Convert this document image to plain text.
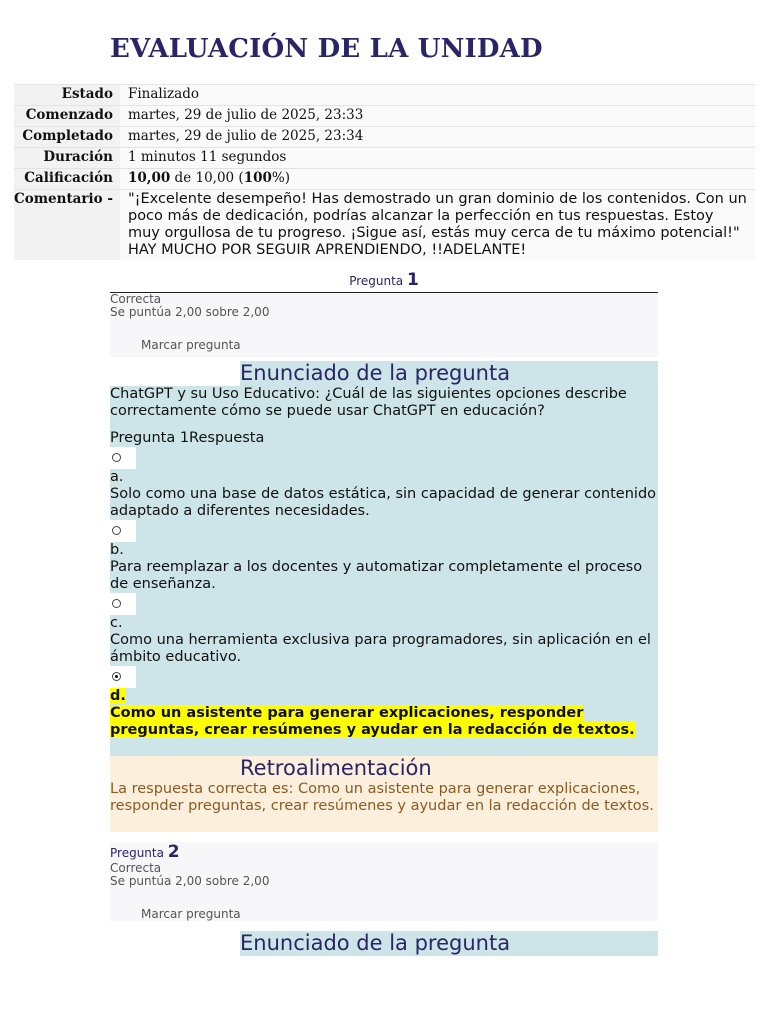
EVALUACIÓN DE LA UNIDAD
Estado	Finalizado
Comenzado	martes, 29 de julio de 2025, 23:33
Completado	martes, 29 de julio de 2025, 23:34
Duración	1 minutos 11 segundos
Calificación	10,00 de 10,00 (100%)
Comentario -	"¡Excelente desempeño! Has demostrado un gran dominio de los contenidos. Con un poco más de dedicación, podrías alcanzar la perfección en tus respuestas. Estoy muy orgullosa de tu progreso. ¡Sigue así, estás muy cerca de tu máximo potencial!"
HAY MUCHO POR SEGUIR APRENDIENDO, !!ADELANTE!
Pregunta 1
Correcta
Se puntúa 2,00 sobre 2,00
Marcar pregunta
Enunciado de la pregunta
ChatGPT y su Uso Educativo: ¿Cuál de las siguientes opciones describe correctamente cómo se puede usar ChatGPT en educación?
Pregunta 1Respuesta
a.
Solo como una base de datos estática, sin capacidad de generar contenido adaptado a diferentes necesidades.
b.
Para reemplazar a los docentes y automatizar completamente el proceso de enseñanza.
c.
Como una herramienta exclusiva para programadores, sin aplicación en el ámbito educativo.
d.
Como un asistente para generar explicaciones, responder preguntas, crear resúmenes y ayudar en la redacción de textos.
Retroalimentación
La respuesta correcta es: Como un asistente para generar explicaciones, responder preguntas, crear resúmenes y ayudar en la redacción de textos.
Pregunta 2
Correcta
Se puntúa 2,00 sobre 2,00
Marcar pregunta
Enunciado de la pregunta
